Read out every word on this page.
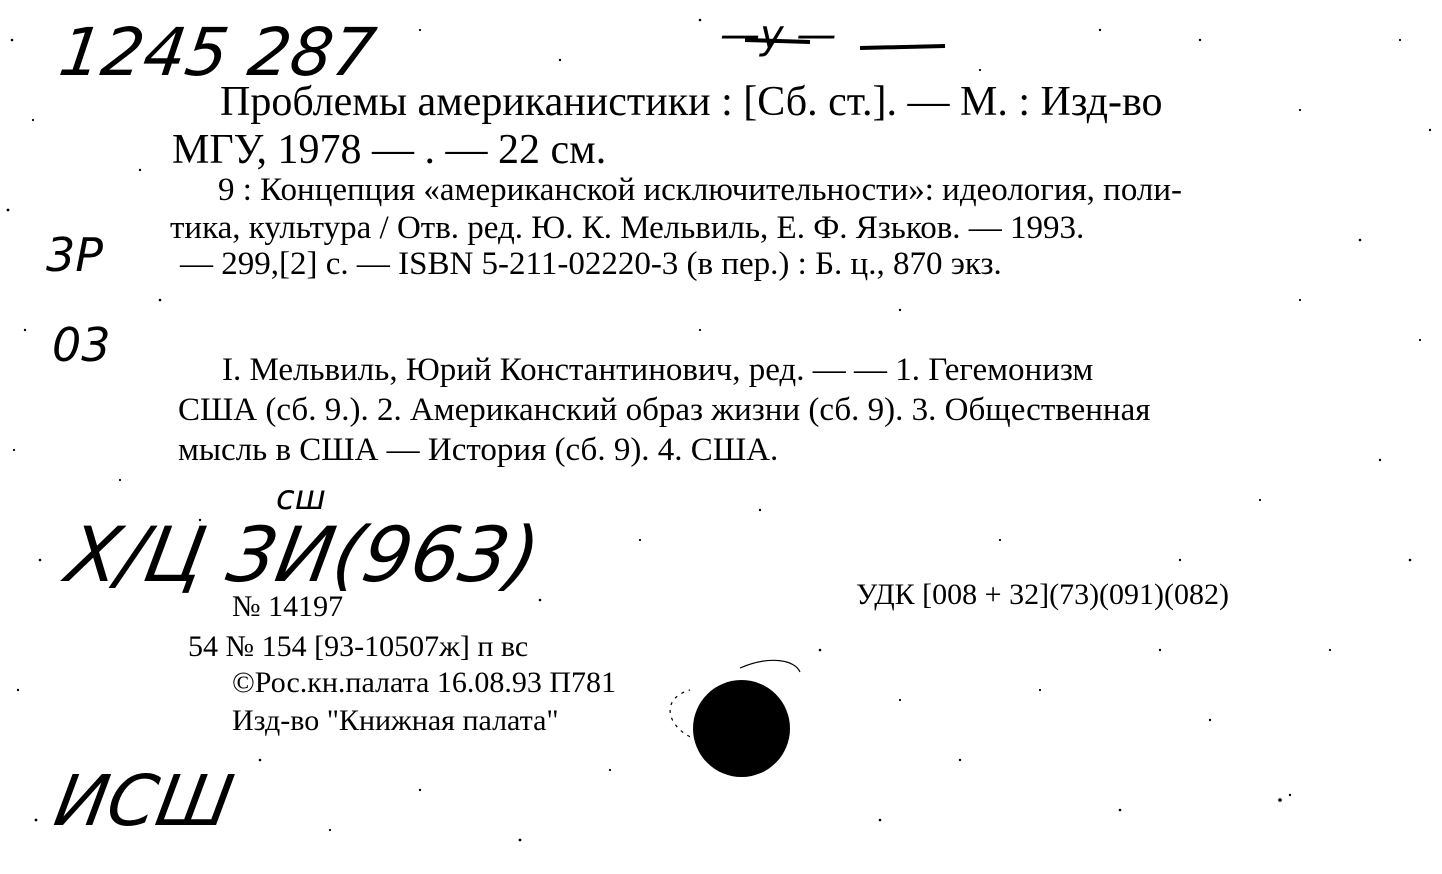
1245 287	—у —
3Р
03
сш
Х/Ц 3И(963)
ИСШ
Проблемы американистики : [Сб. ст.]. — М. : Изд-во
МГУ, 1978 — . — 22 см.
9 : Концепция «американской исключительности»: идеология, поли-
тика, культура / Отв. ред. Ю. К. Мельвиль, Е. Ф. Язьков. — 1993.
— 299,[2] с. — ISBN 5-211-02220-3 (в пер.) : Б. ц., 870 экз.
I. Мельвиль, Юрий Константинович, ред. — — 1. Гегемонизм
США (сб. 9.). 2. Американский образ жизни (сб. 9). 3. Общественная
мысль в США — История (сб. 9). 4. США.
№ 14197	УДК [008 + 32](73)(091)(082)
54 № 154 [93-10507ж] п вс
©Рос.кн.палата 16.08.93 П781
Изд-во "Книжная палата"
